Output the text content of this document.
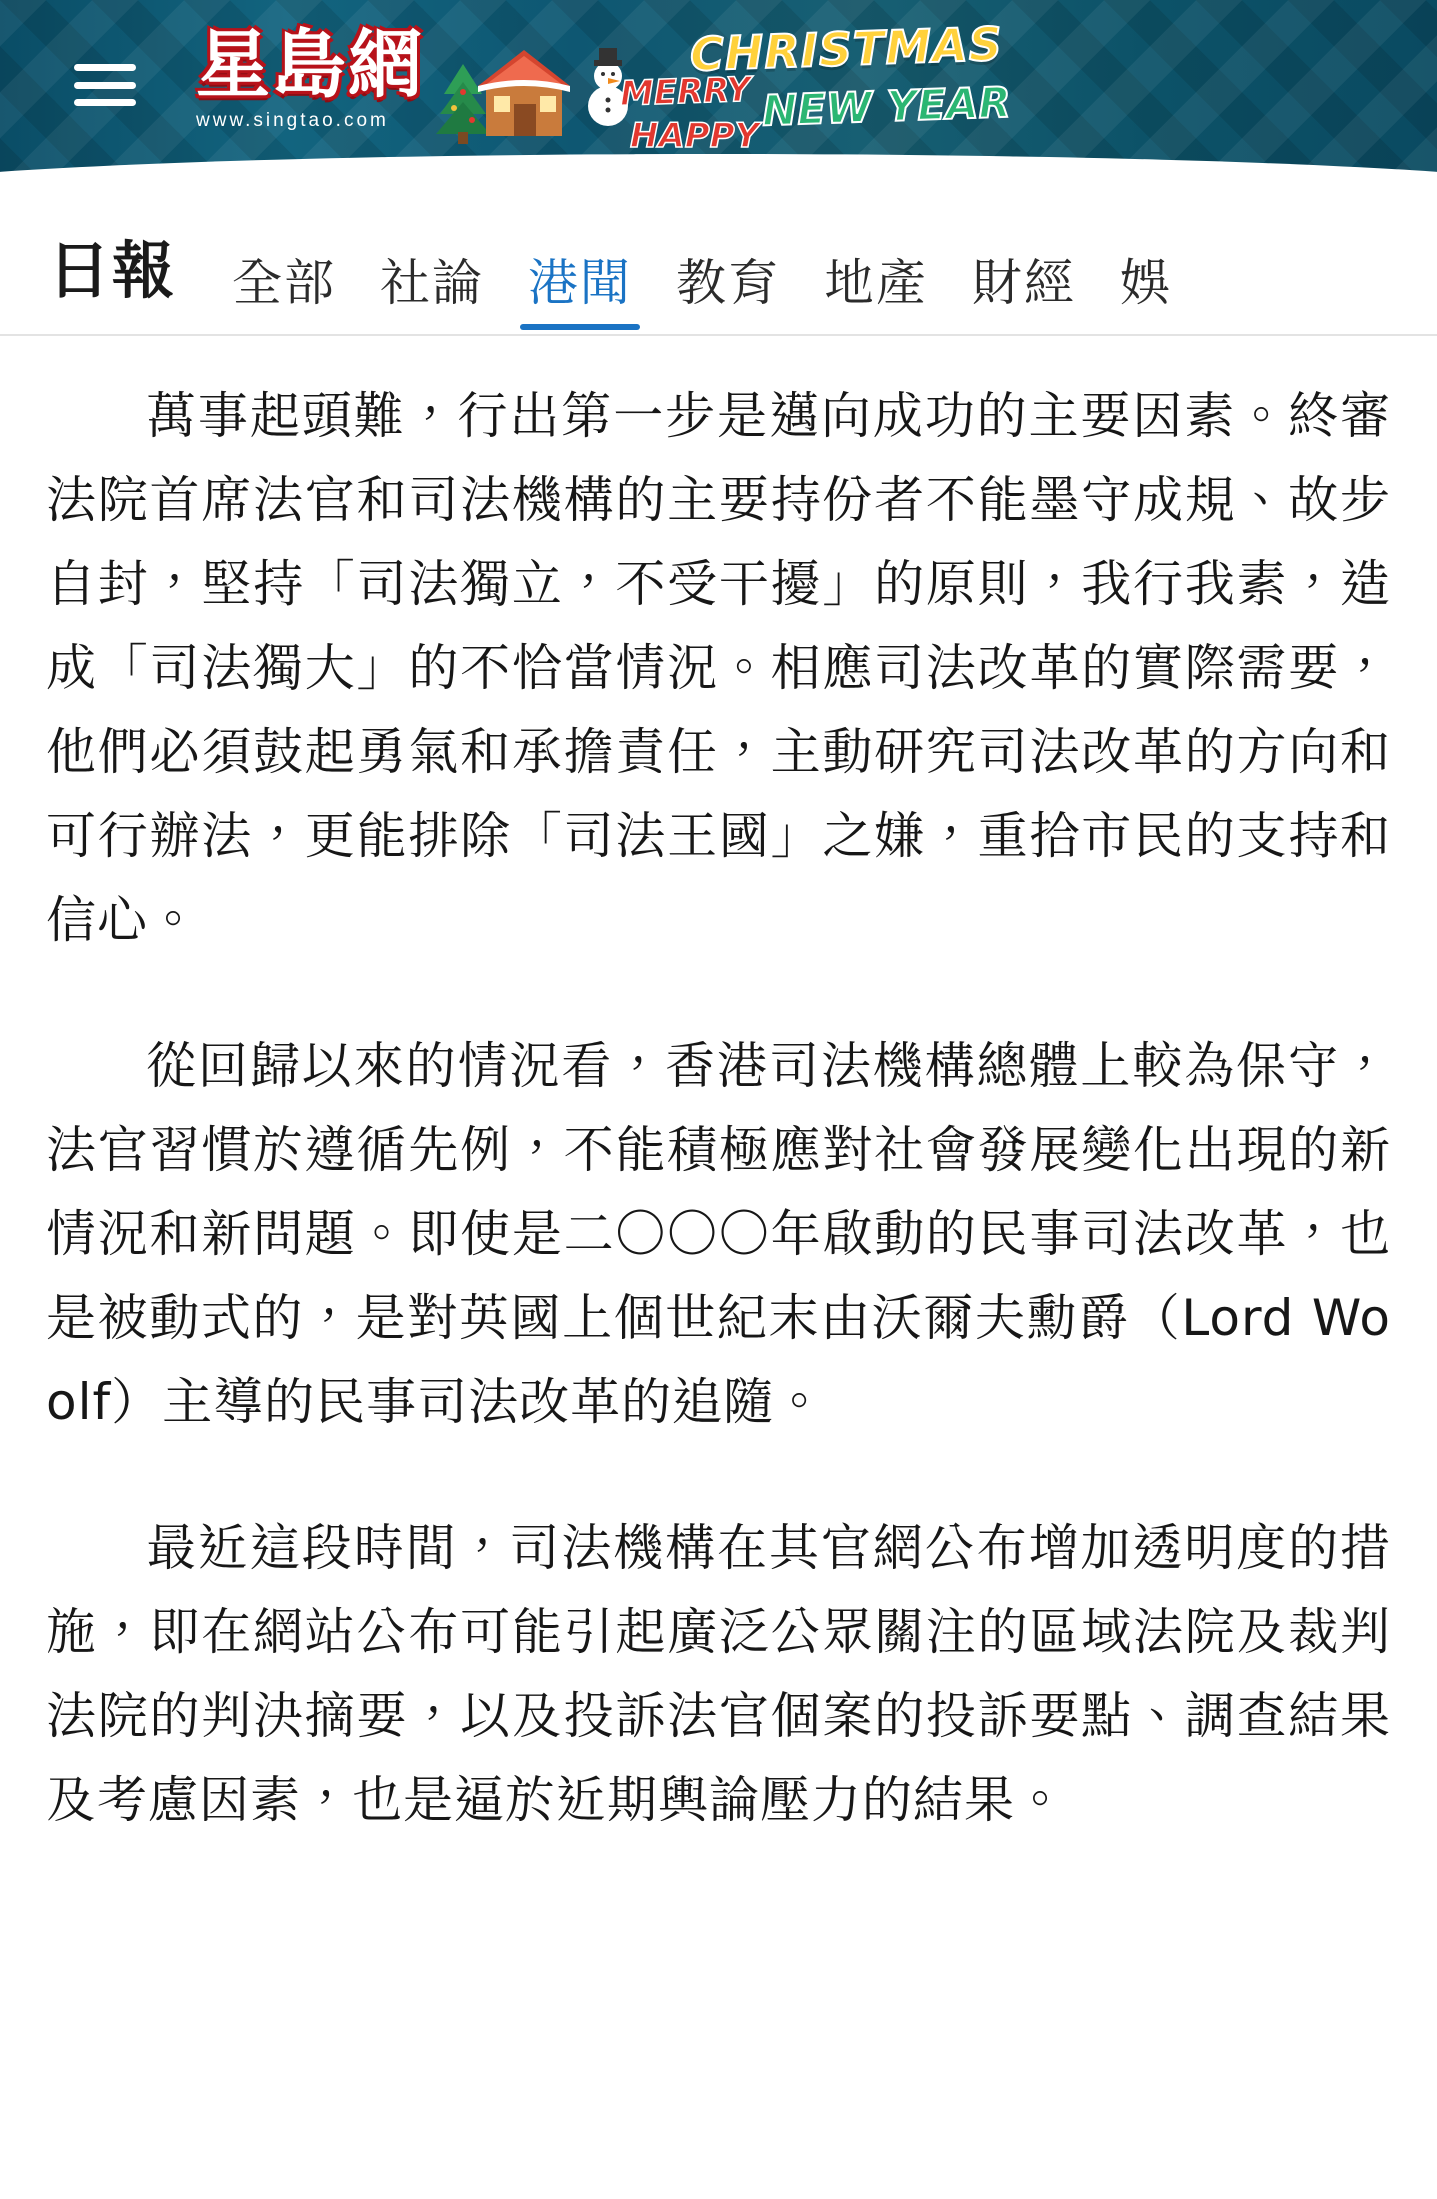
星島網
www.singtao.com
CHRISTMAS
MERRY
HAPPY
NEW YEAR
日報	全部 社論 港聞 教育 地產 財經 娛

萬事起頭難，行出第一步是邁向成功的主要因素。終審法院首席法官和司法機構的主要持份者不能墨守成規、故步自封，堅持「司法獨立，不受干擾」的原則，我行我素，造成「司法獨大」的不恰當情況。相應司法改革的實際需要，他們必須鼓起勇氣和承擔責任，主動研究司法改革的方向和可行辦法，更能排除「司法王國」之嫌，重拾市民的支持和信心。

從回歸以來的情況看，香港司法機構總體上較為保守，法官習慣於遵循先例，不能積極應對社會發展變化出現的新情況和新問題。即使是二〇〇〇年啟動的民事司法改革，也是被動式的，是對英國上個世紀末由沃爾夫勳爵（Lord Woolf）主導的民事司法改革的追隨。

最近這段時間，司法機構在其官網公布增加透明度的措施，即在網站公布可能引起廣泛公眾關注的區域法院及裁判法院的判決摘要，以及投訴法官個案的投訴要點、調查結果及考慮因素，也是逼於近期輿論壓力的結果。
